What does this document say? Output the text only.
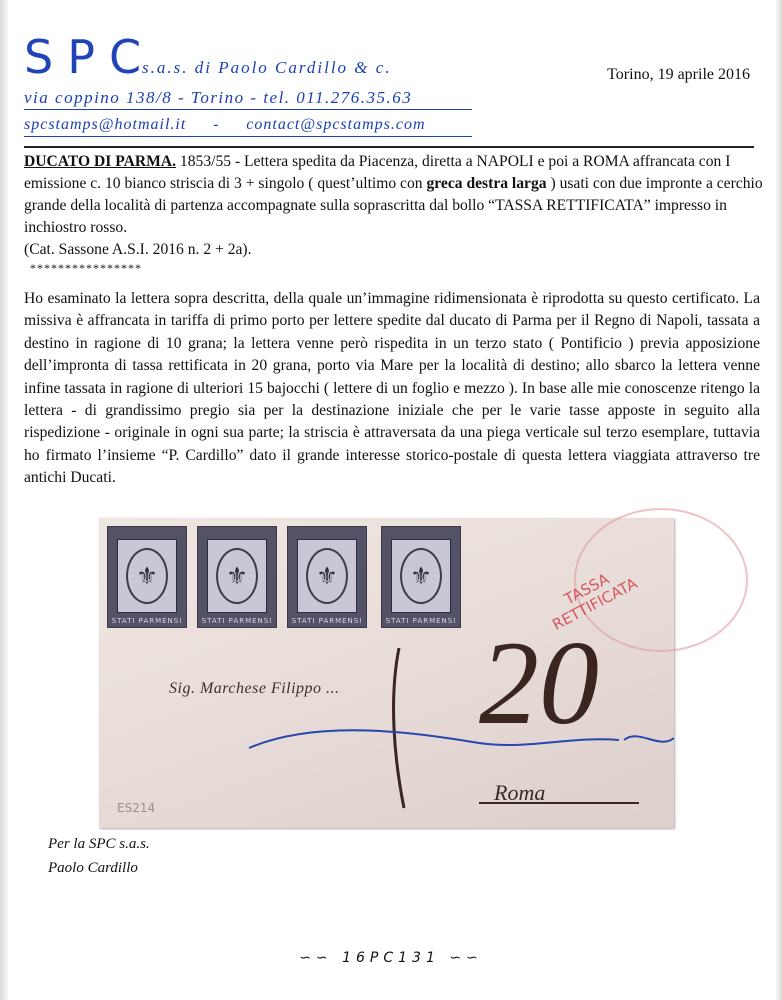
SPC
s.a.s. di Paolo Cardillo & c.
via coppino 138/8 - Torino - tel. 011.276.35.63
spcstamps@hotmail.it - contact@spcstamps.com
Torino, 19 aprile 2016
DUCATO DI PARMA. 1853/55 - Lettera spedita da Piacenza, diretta a NAPOLI e poi a ROMA affrancata con I emissione c. 10 bianco striscia di 3 + singolo ( quest’ultimo con greca destra larga ) usati con due impronte a cerchio grande della località di partenza accompagnate sulla soprascritta dal bollo “TASSA RETTIFICATA” impresso in inchiostro rosso.
(Cat. Sassone A.S.I. 2016 n. 2 + 2a).
****************
Ho esaminato la lettera sopra descritta, della quale un’immagine ridimensionata è riprodotta su questo certificato. La missiva è affrancata in tariffa di primo porto per lettere spedite dal ducato di Parma per il Regno di Napoli, tassata a destino in ragione di 10 grana; la lettera venne però rispedita in un terzo stato ( Pontificio ) previa apposizione dell’impronta di tassa rettificata in 20 grana, porto via Mare per la località di destino; allo sbarco la lettera venne infine tassata in ragione di ulteriori 15 bajocchi ( lettere di un foglio e mezzo ). In base alle mie conoscenze ritengo la lettera - di grandissimo pregio sia per la destinazione iniziale che per le varie tasse apposte in seguito alla rispedizione - originale in ogni sua parte; la striscia è attraversata da una piega verticale sul terzo esemplare, tuttavia ho firmato l’insieme “P. Cardillo” dato il grande interesse storico-postale di questa lettera viaggiata attraverso tre antichi Ducati.
⚜
STATI PARMENSI
⚜
STATI PARMENSI
⚜
STATI PARMENSI
⚜
STATI PARMENSI
TASSA RETTIFICATA
20
Sig. Marchese Filippo ...
Roma
ES214
Per la SPC s.a.s.
Paolo Cardillo
∽∽ 16PC131 ∽∽
